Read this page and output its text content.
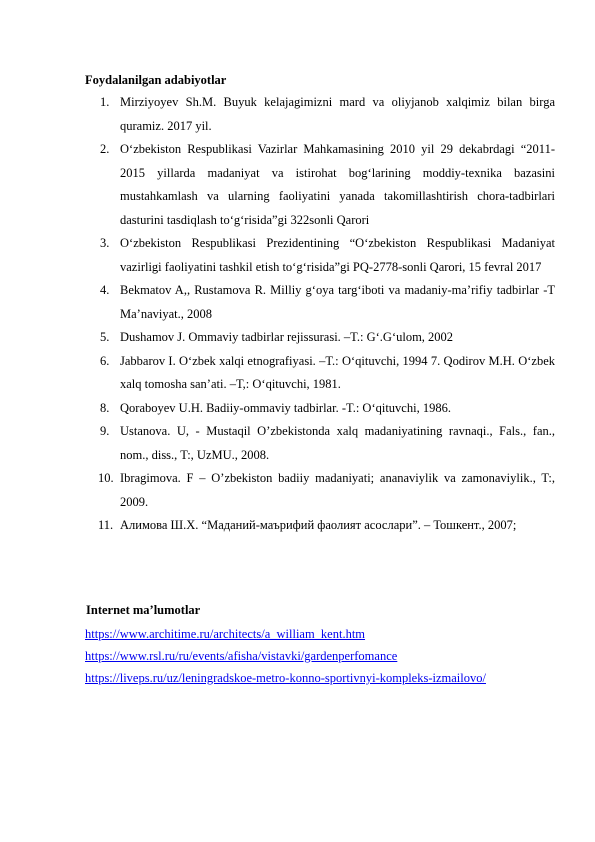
Foydalanilgan adabiyotlar
1. Mirziyoyev Sh.M. Buyuk kelajagimizni mard va oliyjanob xalqimiz bilan birga quramiz. 2017 yil.
2. O‘zbekiston Respublikasi Vazirlar Mahkamasining 2010 yil 29 dekabrdagi “2011-2015 yillarda madaniyat va istirohat bog‘larining moddiy-texnika bazasini mustahkamlash va ularning faoliyatini yanada takomillashtirish chora-tadbirlari dasturini tasdiqlash to‘g‘risida”gi 322sonli Qarori
3. O‘zbekiston Respublikasi Prezidentining “O‘zbekiston Respublikasi Madaniyat vazirligi faoliyatini tashkil etish to‘g‘risida”gi PQ-2778-sonli Qarori, 15 fevral 2017
4. Bekmatov A,, Rustamova R. Milliy g‘oya targ‘iboti va madaniy-ma’rifiy tadbirlar -T Ma’naviyat., 2008
5. Dushamov J. Ommaviy tadbirlar rejissurasi. –T.: G‘.G‘ulom, 2002
6. Jabbarov I. O‘zbek xalqi etnografiyasi. –T.: O‘qituvchi, 1994 7. Qodirov M.H. O‘zbek xalq tomosha san’ati. –T,: O‘qituvchi, 1981.
8. Qoraboyev U.H. Badiiy-ommaviy tadbirlar. -T.: O‘qituvchi, 1986.
9. Ustanova. U, - Mustaqil O’zbekistonda xalq madaniyatining ravnaqi., Fals., fan., nom., diss., T:, UzMU., 2008.
10. Ibragimova. F – O’zbekiston badiiy madaniyati; ananaviylik va zamonaviylik., T:, 2009.
11. Алимова Ш.Х. “Маданий-маърифий фаолият асослари”. – Тошкент., 2007;
Internet ma’lumotlar
https://www.architime.ru/architects/a_william_kent.htm
https://www.rsl.ru/ru/events/afisha/vistavki/gardenperfomance
https://liveps.ru/uz/leningradskoe-metro-konno-sportivnyi-kompleks-izmailovo/
